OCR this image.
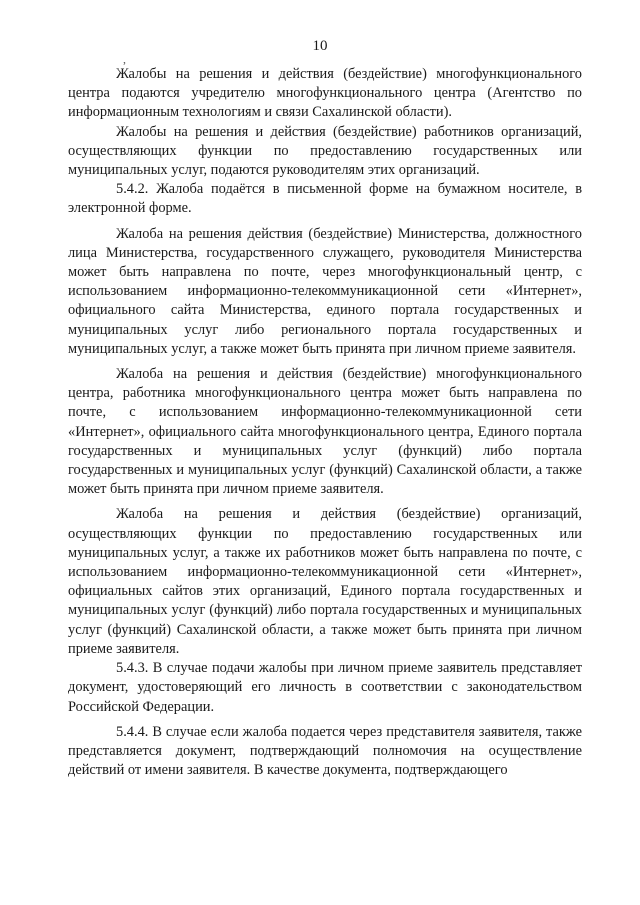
10
,

Жалобы на решения и действия (бездействие) многофункционального центра подаются учредителю многофункционального центра (Агентство по информационным технологиям и связи Сахалинской области).

Жалобы на решения и действия (бездействие) работников организаций, осуществляющих функции по предоставлению государственных или муниципальных услуг, подаются руководителям этих организаций.

5.4.2. Жалоба подаётся в письменной форме на бумажном носителе, в электронной форме.

Жалоба на решения действия (бездействие) Министерства, должностного лица Министерства, государственного служащего, руководителя Министерства может быть направлена по почте, через многофункциональный центр, с использованием информационно-телекоммуникационной сети «Интернет», официального сайта Министерства, единого портала государственных и муниципальных услуг либо регионального портала государственных и муниципальных услуг, а также может быть принята при личном приеме заявителя.

Жалоба на решения и действия (бездействие) многофункционального центра, работника многофункционального центра может быть направлена по почте, с использованием информационно-телекоммуникационной сети «Интернет», официального сайта многофункционального центра, Единого портала государственных и муниципальных услуг (функций) либо портала государственных и муниципальных услуг (функций) Сахалинской области, а также может быть принята при личном приеме заявителя.

Жалоба на решения и действия (бездействие) организаций, осуществляющих функции по предоставлению государственных или муниципальных услуг, а также их работников может быть направлена по почте, с использованием информационно-телекоммуникационной сети «Интернет», официальных сайтов этих организаций, Единого портала государственных и муниципальных услуг (функций) либо портала государственных и муниципальных услуг (функций) Сахалинской области, а также может быть принята при личном приеме заявителя.

5.4.3. В случае подачи жалобы при личном приеме заявитель представляет документ, удостоверяющий его личность в соответствии с законодательством Российской Федерации.

5.4.4. В случае если жалоба подается через представителя заявителя, также представляется документ, подтверждающий полномочия на осуществление действий от имени заявителя. В качестве документа, подтверждающего
